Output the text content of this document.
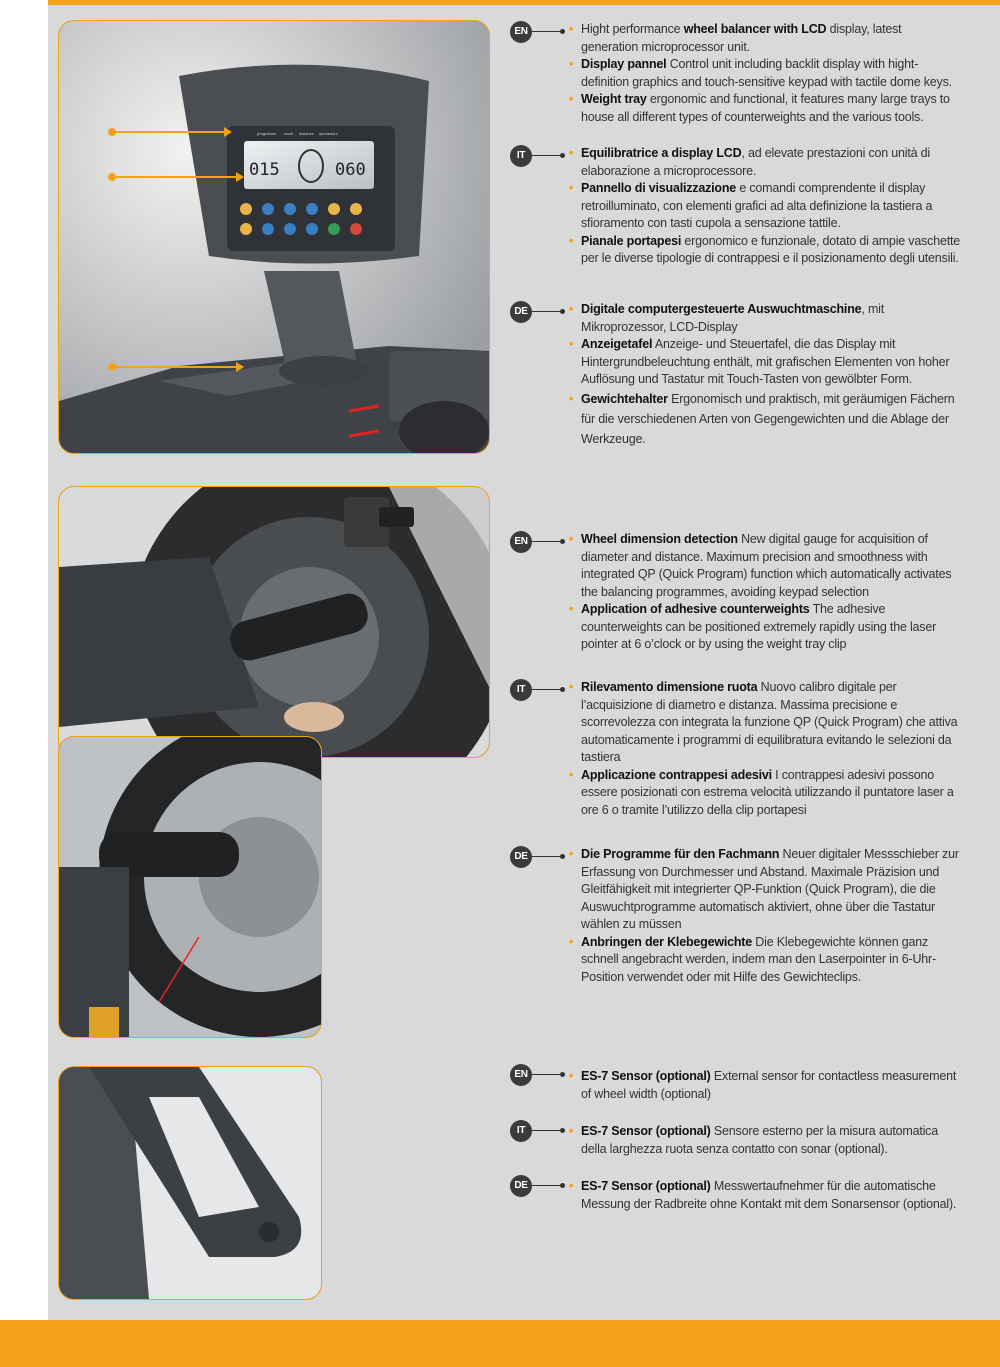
programmi modi distanze operazioni
015	060
EN	• Hight performance wheel balancer with LCD display, latest generation microprocessor unit.
• Display pannel Control unit including backlit display with hight-definition graphics and touch-sensitive keypad with tactile dome keys.
• Weight tray ergonomic and functional, it features many large trays to house all different types of counterweights and the various tools.
IT	• Equilibratrice a display LCD, ad elevate prestazioni con unità di elaborazione a microprocessore.
• Pannello di visualizzazione e comandi comprendente il display retroilluminato, con elementi grafici ad alta definizione la tastiera a sfioramento con tasti cupola a sensazione tattile.
• Pianale portapesi ergonomico e funzionale, dotato di ampie vaschette per le diverse tipologie di contrappesi e il posizionamento degli utensili.
DE	• Digitale computergesteuerte Auswuchtmaschine, mit Mikroprozessor, LCD-Display
• Anzeigetafel Anzeige- und Steuertafel, die das Display mit Hintergrundbeleuchtung enthält, mit grafischen Elementen von hoher Auflösung und Tastatur mit Touch-Tasten von gewölbter Form.
• Gewichtehalter Ergonomisch und praktisch, mit geräumigen Fächern für die verschiedenen Arten von Gegengewichten und die Ablage der Werkzeuge.
EN	• Wheel dimension detection New digital gauge for acquisition of diameter and distance. Maximum precision and smoothness with integrated QP (Quick Program) function which automatically activates the balancing programmes, avoiding keypad selection
• Application of adhesive counterweights The adhesive counterweights can be positioned extremely rapidly using the laser pointer at 6 o’clock or by using the weight tray clip
IT	• Rilevamento dimensione ruota Nuovo calibro digitale per l’acquisizione di diametro e distanza. Massima precisione e scorrevolezza con integrata la funzione QP (Quick Program) che attiva automaticamente i programmi di equilibratura evitando le selezioni da tastiera
• Applicazione contrappesi adesivi I contrappesi adesivi possono essere posizionati con estrema velocità utilizzando il puntatore laser a ore 6 o tramite l’utilizzo della clip portapesi
DE	• Die Programme für den Fachmann Neuer digitaler Messschieber zur Erfassung von Durchmesser und Abstand. Maximale Präzision und Gleitfähigkeit mit integrierter QP-Funktion (Quick Program), die die Auswuchtprogramme automatisch aktiviert, ohne über die Tastatur wählen zu müssen
• Anbringen der Klebegewichte Die Klebegewichte können ganz schnell angebracht werden, indem man den Laserpointer in 6-Uhr-Position verwendet oder mit Hilfe des Gewichteclips.
EN	• ES-7 Sensor (optional) External sensor for contactless measurement of wheel width (optional)
IT	• ES-7 Sensor (optional) Sensore esterno per la misura automatica della larghezza ruota senza contatto con sonar (optional).
DE	• ES-7 Sensor (optional) Messwertaufnehmer für die automatische Messung der Radbreite ohne Kontakt mit dem Sonarsensor (optional).
